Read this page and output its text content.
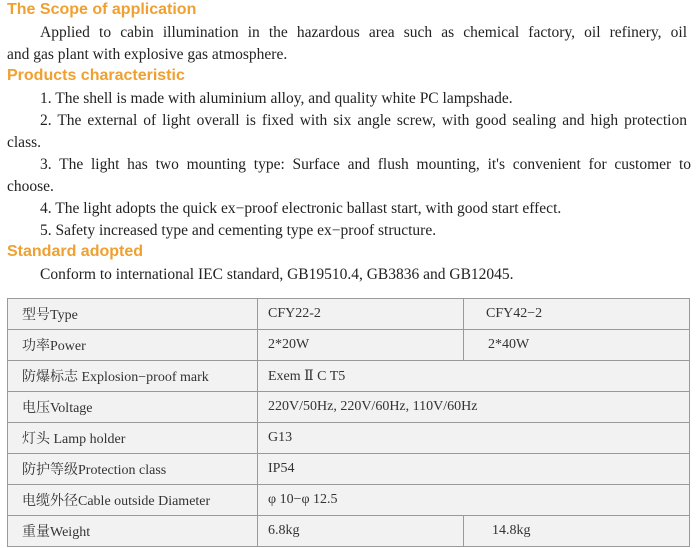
The Scope of application
Applied to cabin illumination in the hazardous area such as chemical factory, oil refinery, oil
and gas plant with explosive gas atmosphere.
Products characteristic
1. The shell is made with aluminium alloy, and quality white PC lampshade.
2. The external of light overall is fixed with six angle screw, with good sealing and high protection
class.
3. The light has two mounting type: Surface and flush mounting, it's convenient for customer to
choose.
4. The light adopts the quick ex−proof electronic ballast start, with good start effect.
5. Safety increased type and cementing type ex−proof structure.
Standard adopted
Conform to international IEC standard, GB19510.4, GB3836 and GB12045.
型号Type	CFY22-2	CFY42−2
功率Power	2*20W	2*40W
防爆标志 Explosion−proof mark	Exem Ⅱ C T5	
电压Voltage	220V/50Hz, 220V/60Hz, 110V/60Hz	
灯头 Lamp holder	G13	
防护等级Protection class	IP54	
电缆外径Cable outside Diameter	φ 10−φ 12.5	
重量Weight	6.8kg	14.8kg
